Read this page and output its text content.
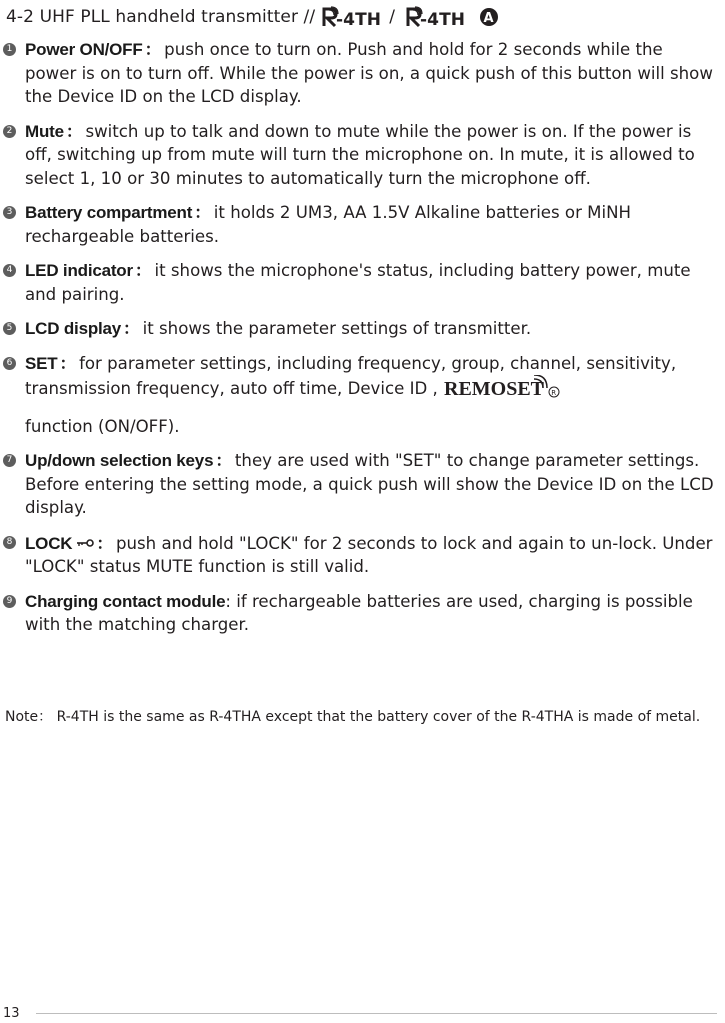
4-2 UHF PLL handheld transmitter // -4TH / -4TH A
1 Power ON/OFF ： push once to turn on. Push and hold for 2 seconds while the power is on to turn off. While the power is on, a quick push of this button will show the Device ID on the LCD display.
2 Mute ： switch up to talk and down to mute while the power is on. If the power is off, switching up from mute will turn the microphone on. In mute, it is allowed to select 1, 10 or 30 minutes to automatically turn the microphone off.
3 Battery compartment ： it holds 2 UM3, AA 1.5V Alkaline batteries or MiNH rechargeable batteries.
4 LED indicator ： it shows the microphone's status, including battery power, mute and pairing.
5 LCD display ： it shows the parameter settings of transmitter.
6 SET ： for parameter settings, including frequency, group, channel, sensitivity, transmission frequency, auto off time, Device ID , REMOSET R
function (ON/OFF).
7 Up/down selection keys ： they are used with "SET" to change parameter settings. Before entering the setting mode, a quick push will show the Device ID on the LCD display.
8 LOCK ： push and hold "LOCK" for 2 seconds to lock and again to un-lock. Under "LOCK" status MUTE function is still valid.
9 Charging contact module: if rechargeable batteries are used, charging is possible with the matching charger.
Note： R-4TH is the same as R-4THA except that the battery cover of the R-4THA is made of metal.
13
